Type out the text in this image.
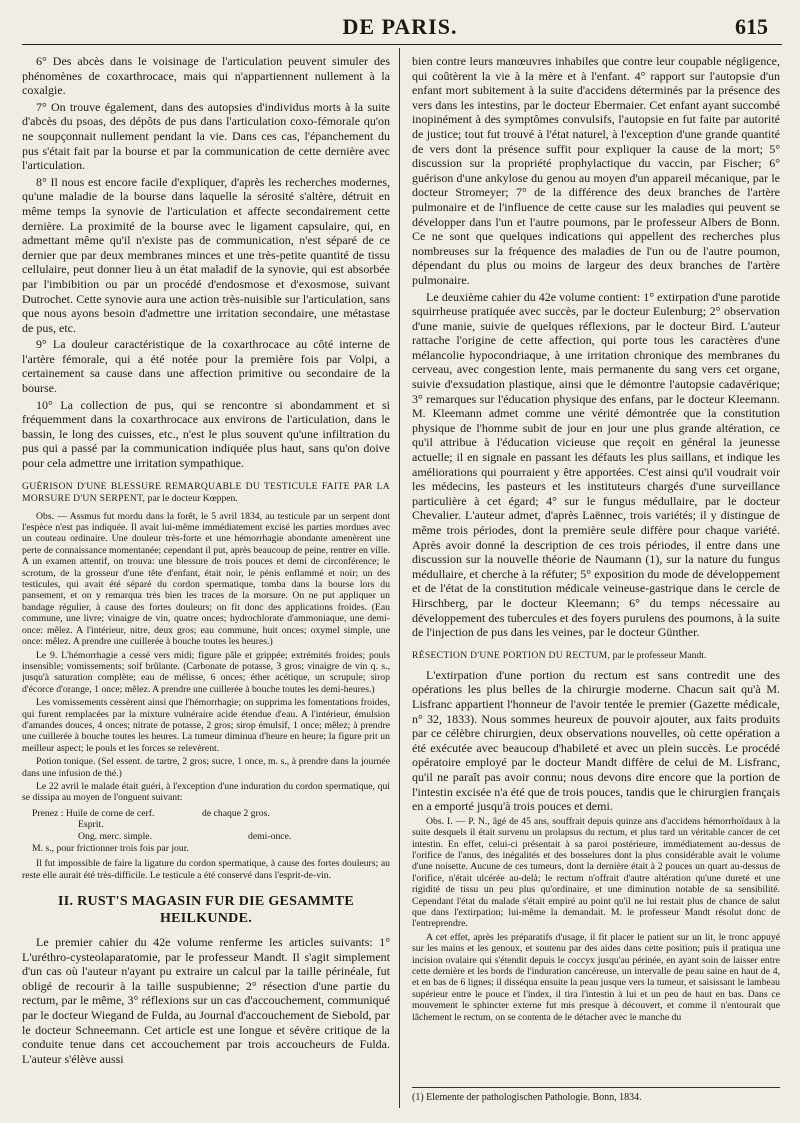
DE PARIS.	615

6° Des abcès dans le voisinage de l'articulation peuvent simuler des phénomènes de coxarthrocace, mais qui n'appartiennent nullement à la coxalgie.

7° On trouve également, dans des autopsies d'individus morts à la suite d'abcès du psoas, des dépôts de pus dans l'articulation coxo-fémorale qu'on ne soupçonnait nullement pendant la vie. Dans ces cas, l'épanchement du pus s'était fait par la bourse et par la communication de cette dernière avec l'articulation.

8° Il nous est encore facile d'expliquer, d'après les recherches modernes, qu'une maladie de la bourse dans laquelle la sérosité s'altère, détruit en même temps la synovie de l'articulation et affecte secondairement cette dernière. La proximité de la bourse avec le ligament capsulaire, qui, en admettant même qu'il n'existe pas de communication, n'est séparé de ce dernier que par deux membranes minces et une très-petite quantité de tissu cellulaire, peut donner lieu à un état maladif de la synovie, qui est absorbée par l'imbibition ou par un procédé d'endosmose et d'exosmose, suivant Dutrochet. Cette synovie aura une action très-nuisible sur l'articulation, sans que nous ayons besoin d'admettre une irritation secondaire, une métastase de pus, etc.

9° La douleur caractéristique de la coxarthrocace au côté interne de l'artère fémorale, qui a été notée pour la première fois par Volpi, a certainement sa cause dans une affection primitive ou secondaire de la bourse.

10° La collection de pus, qui se rencontre si abondamment et si fréquemment dans la coxarthrocace aux environs de l'articulation, dans le bassin, le long des cuisses, etc., n'est le plus souvent qu'une infiltration du pus qui a passé par la communication indiquée plus haut, sans qu'on doive pour cela admettre une irritation sympathique.

GUÉRISON D'UNE BLESSURE REMARQUABLE DU TESTICULE FAITE PAR LA MORSURE D'UN SERPENT, par le docteur Kœppen.

Obs. — Assmus fut mordu dans la forêt, le 5 avril 1834, au testicule par un serpent dont l'espèce n'est pas indiquée. Il avait lui-même immédiatement excisé les parties mordues avec un couteau ordinaire. Une douleur très-forte et une hémorrhagie abondante amenèrent une perte de connaissance momentanée; cependant il put, après beaucoup de peine, rentrer en ville. A un examen attentif, on trouva: une blessure de trois pouces et demi de circonférence; le scrotum, de la grosseur d'une tête d'enfant, était noir, le pénis enflammé et noir; un des testicules, qui avait été séparé du cordon spermatique, tomba dans la bourse lors du pansement, et on y remarqua très bien les traces de la morsure. On ne put appliquer un bandage régulier, à cause des fortes douleurs; on fit donc des applications froides. (Eau commune, une livre; vinaigre de vin, quatre onces; hydrochlorate d'ammoniaque, une demi-once: mêlez. A l'intérieur, nitre, deux gros; eau commune, huit onces; oxymel simple, une once: mêlez. A prendre une cuillerée à bouche toutes les heures.)

Le 9. L'hémorrhagie a cessé vers midi; figure pâle et grippée; extrémités froides; pouls insensible; vomissements; soif brûlante. (Carbonate de potasse, 3 gros; vinaigre de vin q. s., jusqu'à saturation complète; eau de mélisse, 6 onces; éther acétique, un scrupule; sirop d'écorce d'orange, 1 once; mêlez. A prendre une cuillerée à bouche toutes les demi-heures.)

Les vomissements cessèrent ainsi que l'hémorrhagie; on supprima les fomentations froides, qui furent remplacées par la mixture vulnéraire acide étendue d'eau. A l'intérieur, émulsion d'amandes douces, 4 onces; nitrate de potasse, 2 gros; sirop émulsif, 1 once; mêlez; à prendre une cuillerée à bouche toutes les heures. La tumeur diminua d'heure en heure; la figure prit un meilleur aspect; le pouls et les forces se relevèrent.

Potion tonique. (Sel essent. de tartre, 2 gros; sucre, 1 once, m. s., à prendre dans la journée dans une infusion de thé.)

Le 22 avril le malade était guéri, à l'exception d'une induration du cordon spermatique, qui se dissipa au moyen de l'onguent suivant:

Prenez : Huile de corne de cerf.	de chaque 2 gros.
Esprit.
Ong. merc. simple.	demi-once.
M. s., pour frictionner trois fois par jour.

Il fut impossible de faire la ligature du cordon spermatique, à cause des fortes douleurs; au reste elle aurait été très-difficile. Le testicule a été conservé dans l'esprit-de-vin.

II. RUST'S MAGASIN FUR DIE GESAMMTE HEILKUNDE.

Le premier cahier du 42e volume renferme les articles suivants: 1° L'uréthro-cysteolaparatomie, par le professeur Mandt. Il s'agit simplement d'un cas où l'auteur n'ayant pu extraire un calcul par la taille périnéale, fut obligé de recourir à la taille suspubienne; 2° résection d'une partie du rectum, par le même, 3° réflexions sur un cas d'accouchement, communiqué par le docteur Wiegand de Fulda, au Journal d'accouchement de Siebold, par le docteur Schneemann. Cet article est une longue et sévère critique de la conduite tenue dans cet accouchement par trois accoucheurs de Fulda. L'auteur s'élève aussi

bien contre leurs manœuvres inhabiles que contre leur coupable négligence, qui coûtèrent la vie à la mère et à l'enfant. 4° rapport sur l'autopsie d'un enfant mort subitement à la suite d'accidens déterminés par la présence des vers dans les intestins, par le docteur Ebermaier. Cet enfant ayant succombé inopinément à des symptômes convulsifs, l'autopsie en fut faite par autorité de justice; tout fut trouvé à l'état naturel, à l'exception d'une grande quantité de vers dont la présence suffit pour expliquer la cause de la mort; 5° discussion sur la propriété prophylactique du vaccin, par Fischer; 6° guérison d'une ankylose du genou au moyen d'un appareil mécanique, par le docteur Stromeyer; 7° de la différence des deux branches de l'artère pulmonaire et de l'influence de cette cause sur les maladies qui peuvent se développer dans l'un et l'autre poumons, par le professeur Albers de Bonn. Ce ne sont que quelques indications qui appellent des recherches plus nombreuses sur la fréquence des maladies de l'un ou de l'autre poumon, dépendant du plus ou moins de largeur des deux branches de l'artère pulmonaire.

Le deuxième cahier du 42e volume contient: 1° extirpation d'une parotide squirrheuse pratiquée avec succès, par le docteur Eulenburg; 2° observation d'une manie, suivie de quelques réflexions, par le docteur Bird. L'auteur rattache l'origine de cette affection, qui porte tous les caractères d'une mélancolie hypocondriaque, à une irritation chronique des membranes du cerveau, avec congestion lente, mais permanente du sang vers cet organe, suivie d'exsudation plastique, ainsi que le démontre l'autopsie cadavérique; 3° remarques sur l'éducation physique des enfans, par le docteur Kleemann. M. Kleemann admet comme une vérité démontrée que la constitution physique de l'homme subit de jour en jour une plus grande altération, ce qu'il attribue à l'éducation vicieuse que reçoit en général la jeunesse actuelle; il en signale en passant les défauts les plus saillans, et indique les améliorations qui pourraient y être apportées. C'est ainsi qu'il voudrait voir les médecins, les pasteurs et les instituteurs chargés d'une surveillance particulière à cet égard; 4° sur le fungus médullaire, par le docteur Chevalier. L'auteur admet, d'après Laënnec, trois variétés; il y distingue de même trois périodes, dont la première seule diffère pour chaque variété. Après avoir donné la description de ces trois périodes, il entre dans une discussion sur la nouvelle théorie de Naumann (1), sur la nature du fungus médullaire, et cherche à la réfuter; 5° exposition du mode de développement et de l'état de la constitution médicale veineuse-gastrique dans le cercle de Hirschberg, par le docteur Kleemann; 6° du temps nécessaire au développement des tubercules et des foyers purulens des poumons, à la suite de l'injection de pus dans les veines, par le docteur Günther.

RÉSECTION D'UNE PORTION DU RECTUM, par le professeur Mandt.

L'extirpation d'une portion du rectum est sans contredit une des opérations les plus belles de la chirurgie moderne. Chacun sait qu'à M. Lisfranc appartient l'honneur de l'avoir tentée le premier (Gazette médicale, n° 32, 1833). Nous sommes heureux de pouvoir ajouter, aux faits produits par ce célèbre chirurgien, deux observations nouvelles, où cette opération a été exécutée avec beaucoup d'habileté et avec un plein succès. Le procédé opératoire employé par le docteur Mandt diffère de celui de M. Lisfranc, qu'il ne paraît pas avoir connu; nous devons dire encore que la portion de l'intestin excisée n'a été que de trois pouces, tandis que le chirurgien français en a emporté jusqu'à trois pouces et demi.

Obs. I. — P. N., âgé de 45 ans, souffrait depuis quinze ans d'accidens hémorrhoïdaux à la suite desquels il était survenu un prolapsus du rectum, et plus tard un véritable cancer de cet intestin. En effet, celui-ci présentait à sa paroi postérieure, immédiatement au-dessus de l'orifice de l'anus, des inégalités et des bosselures dont la plus considérable avait le volume d'une noisette. Aucune de ces tumeurs, dont la dernière était à 2 pouces un quart au-dessus de l'orifice, n'était ulcérée au-delà; le rectum n'offrait d'autre altération qu'une dureté et une rigidité de tissu un peu plus qu'ordinaire, et une diminution notable de sa sensibilité. Cependant l'état du malade s'était empiré au point qu'il ne lui restait plus de chance de salut que dans l'extirpation; lui-même la demandait. M. le professeur Mandt résolut donc de l'entreprendre.

A cet effet, après les préparatifs d'usage, il fit placer le patient sur un lit, le tronc appuyé sur les mains et les genoux, et soutenu par des aides dans cette position; puis il pratiqua une incision ovalaire qui s'étendit depuis le coccyx jusqu'au périnée, en ayant soin de laisser entre cette dernière et les bords de l'induration cancéreuse, un intervalle de peau saine en haut de 4, et en bas de 6 lignes; il disséqua ensuite la peau jusque vers la tumeur, et saisissant le lambeau supérieur entre le pouce et l'index, il tira l'intestin à lui et un peu de haut en bas. Dans ce mouvement le sphincter externe fut mis presque à découvert, et comme il n'entourait que lâchement le rectum, on se contenta de le détacher avec le manche du

(1) Elemente der pathologischen Pathologie. Bonn, 1834.
